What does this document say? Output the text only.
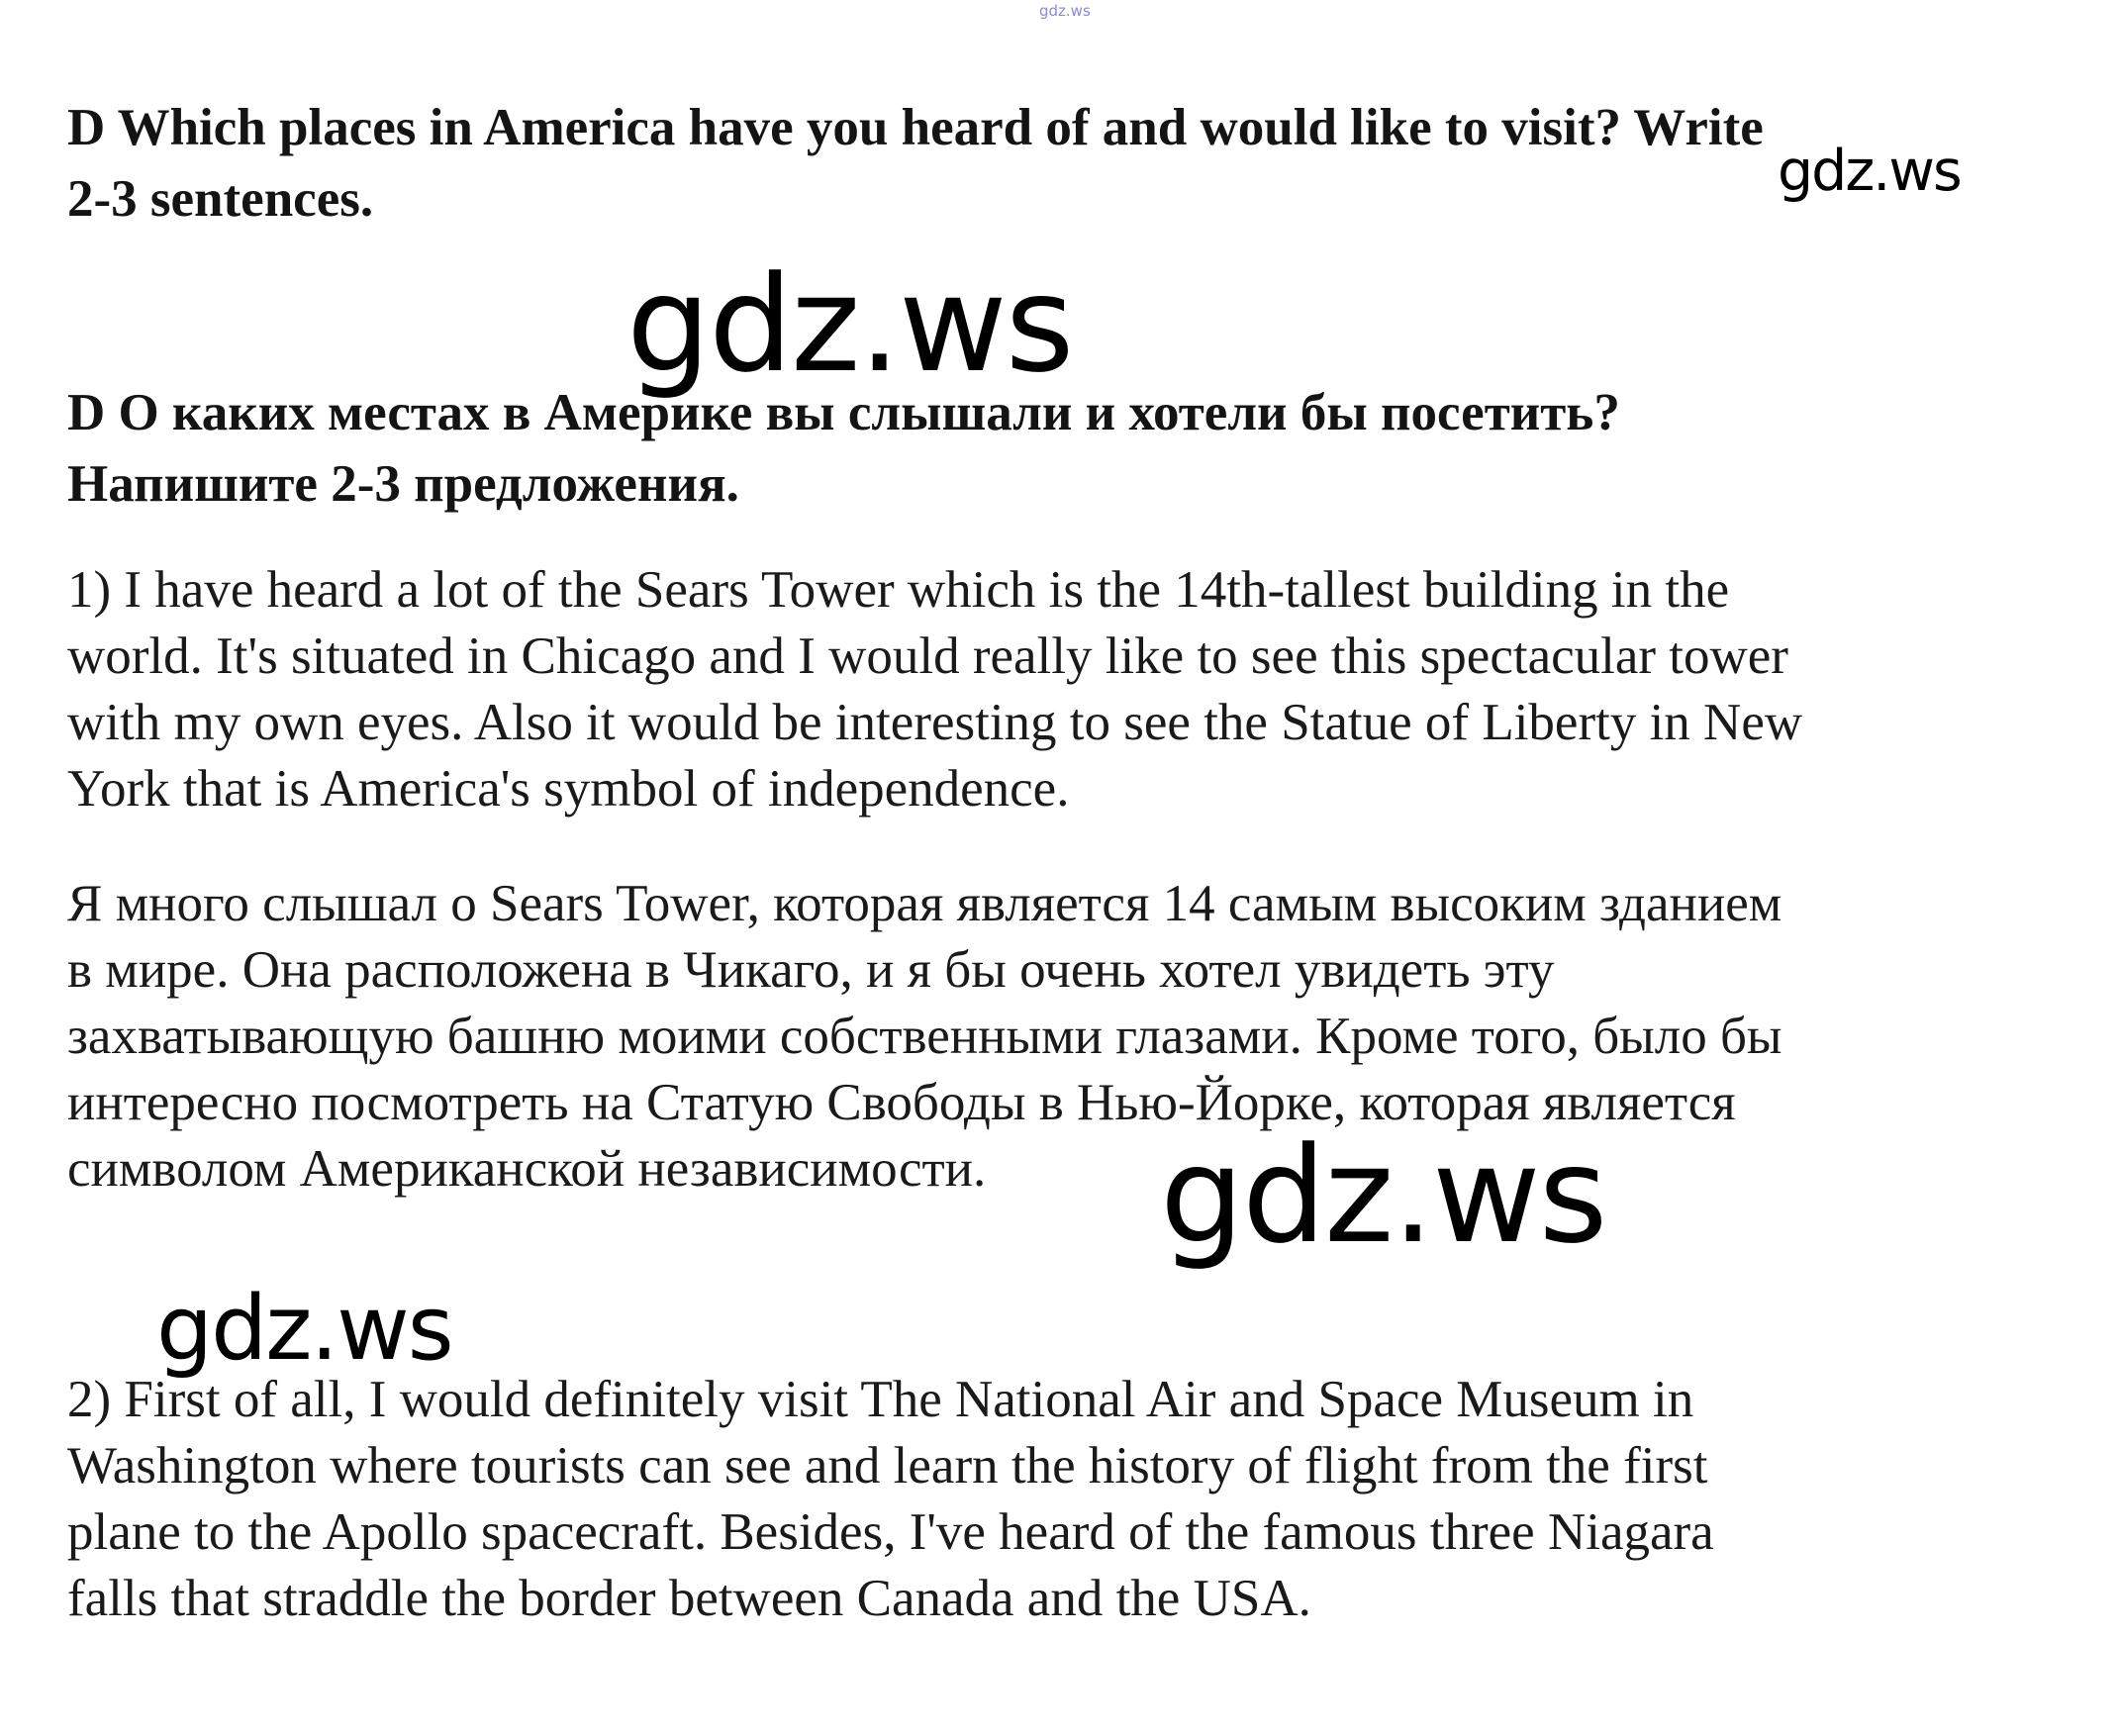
gdz.ws
D Which places in America have you heard of and would like to visit? Write
2-3 sentences.
D О каких местах в Америке вы слышали и хотели бы посетить?
Напишите 2-3 предложения.
1) I have heard a lot of the Sears Tower which is the 14th-tallest building in the
world. It's situated in Chicago and I would really like to see this spectacular tower
with my own eyes. Also it would be interesting to see the Statue of Liberty in New
York that is America's symbol of independence.
Я много слышал о Sears Tower, которая является 14 самым высоким зданием
в мире. Она расположена в Чикаго, и я бы очень хотел увидеть эту
захватывающую башню моими собственными глазами. Кроме того, было бы
интересно посмотреть на Статую Свободы в Нью-Йорке, которая является
символом Американской независимости.
2) First of all, I would definitely visit The National Air and Space Museum in
Washington where tourists can see and learn the history of flight from the first
plane to the Apollo spacecraft. Besides, I've heard of the famous three Niagara
falls that straddle the border between Canada and the USA.
gdz.ws
gdz.ws
gdz.ws
gdz.ws
